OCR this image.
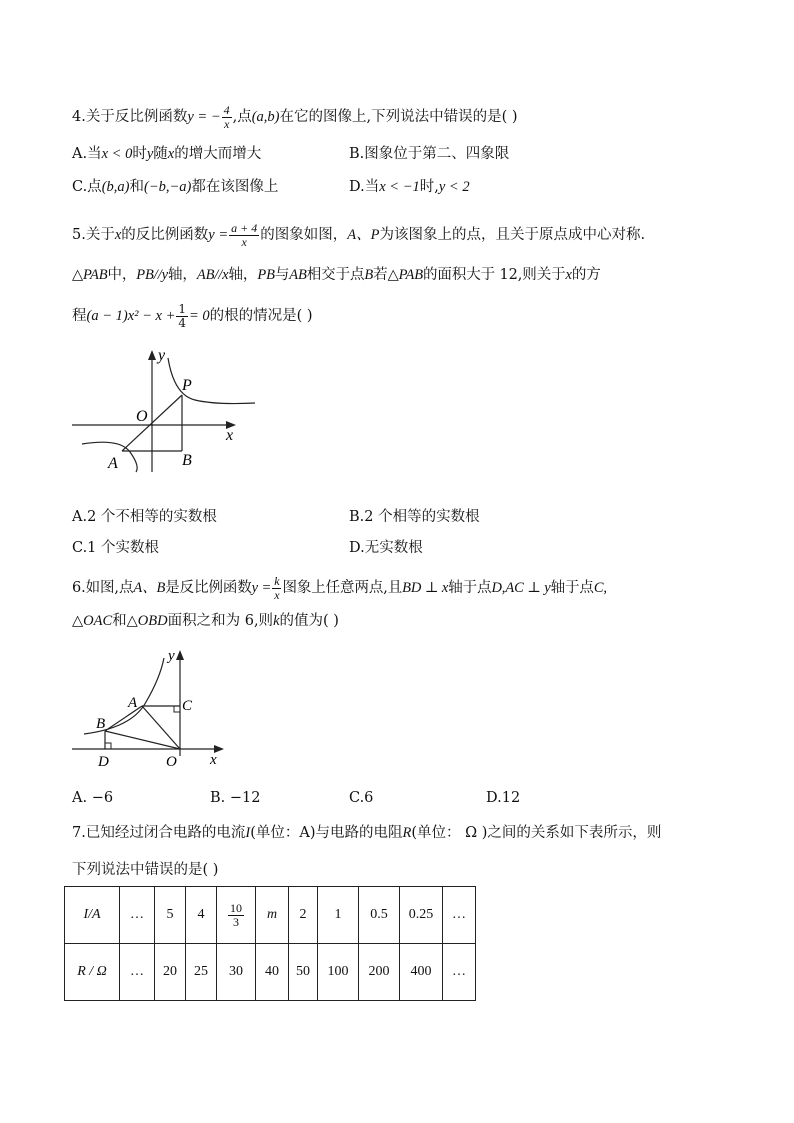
4.关于反比例函数y = − $\frac{4}{x}$ ,点(a,b)在它的图像上,下列说法中错误的是( )
A.当x < 0时y随x的增大而增大	B.图象位于第二、四象限
C.点(b,a)和(−b,−a)都在该图像上	D.当x < −1时,y < 2
5.关于x的反比例函数$y = \frac{a + 4}{x}$ 的图象如图，A、P为该图象上的点，且关于原点成中心对称.
△PAB中，PB//y轴，AB//x轴，PB与AB相交于点B若△PAB的面积大于 12,则关于x的方
程$(a - 1)x^2 - x + \frac{1}{4} = 0$的根的情况是( )
y
x
O
P
A	B
A.2 个不相等的实数根	B.2 个相等的实数根
C.1 个实数根	D.无实数根
6.如图,点A、B是反比例函数$y = \frac{k}{x}$ 图象上任意两点,且BD ⊥ x轴于点D,AC ⊥ y轴于点C,
△OAC和△OBD面积之和为 6,则k的值为( )
y
x
A
B
C
D	O
A. −6	B. −12	C.6	D.12
7.已知经过闭合电路的电流I(单位：A)与电路的电阻R(单位： Ω )之间的关系如下表所示，则
下列说法中错误的是( )
I/A	…	5	4	$\frac{10}{3}$	m	2	1	0.5	0.25	…
R / Ω	…	20	25	30	40	50	100	200	400	…
